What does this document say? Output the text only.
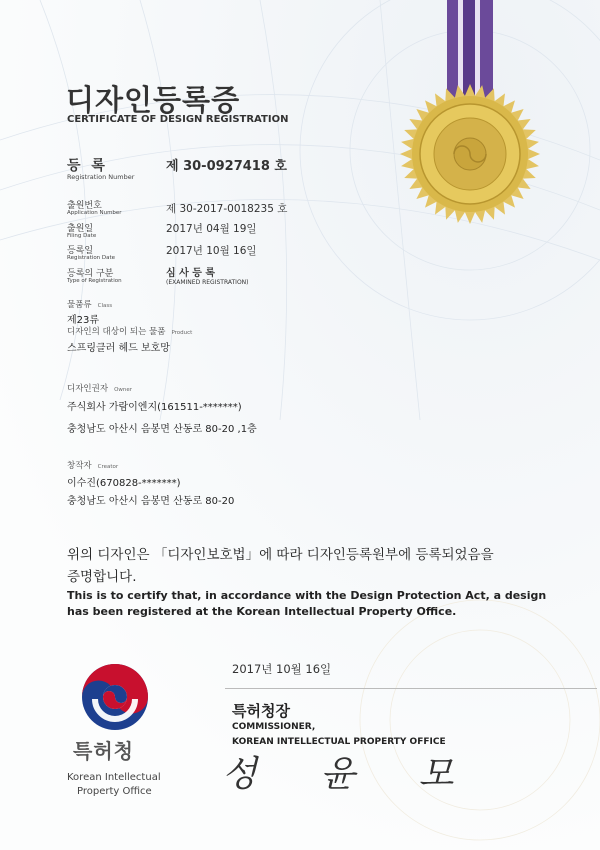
디자인등록증
CERTIFICATE OF DESIGN REGISTRATION
등 록
Registration Number
제 30-0927418 호
출원번호
Application Number	제 30-2017-0018235 호
출원일
Filing Date
2017년 04월 19일
등록일
Registration Date
2017년 10월 16일
등록의 구분
Type of Registration
심 사 등 록
(EXAMINED REGISTRATION)
물품류 Class
제23류
디자인의 대상이 되는 물품 Product
스프링클러 헤드 보호망
디자인권자 Owner
주식회사 가람이엔지(161511-*******)
충청남도 아산시 음봉면 산동로 80-20 ,1층
창작자 Creator
이수진(670828-*******)
충청남도 아산시 음봉면 산동로 80-20
위의 디자인은 「디자인보호법」에 따라 디자인등록원부에 등록되었음을
증명합니다.
This is to certify that, in accordance with the Design Protection Act, a design
has been registered at the Korean Intellectual Property Office.
특허청
Korean Intellectual
Property Office
2017년 10월 16일
특허청장
COMMISSIONER,
KOREAN INTELLECTUAL PROPERTY OFFICE
성 윤 모
